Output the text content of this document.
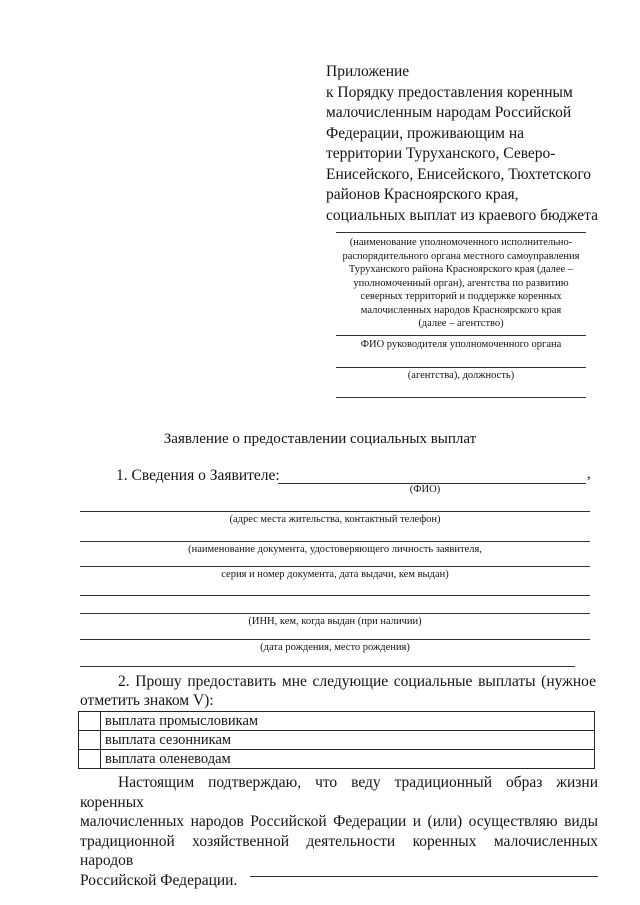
Приложение
к Порядку предоставления коренным
малочисленным народам Российской
Федерации, проживающим на
территории Туруханского, Северо-
Енисейского, Енисейского, Тюхтетского
районов Красноярского края,
социальных выплат из краевого бюджета
(наименование уполномоченного исполнительно-
распорядительного органа местного самоуправления
Туруханского района Красноярского края (далее –
уполномоченный орган), агентства по развитию
северных территорий и поддержке коренных
малочисленных народов Красноярского края
(далее – агентство)
ФИО руководителя уполномоченного органа
(агентства), должность)
Заявление о предоставлении социальных выплат
1. Сведения о Заявителе:	,
(ФИО)
(адрес места жительства, контактный телефон)
(наименование документа, удостоверяющего личность заявителя,
серия и номер документа, дата выдачи, кем выдан)
(ИНН, кем, когда выдан (при наличии)
(дата рождения, место рождения)
2. Прошу предоставить мне следующие социальные выплаты (нужное
отметить знаком V):
	выплата промысловикам
	выплата сезонникам
	выплата оленеводам
Настоящим подтверждаю, что веду традиционный образ жизни коренных
малочисленных народов Российской Федерации и (или) осуществляю виды
традиционной хозяйственной деятельности коренных малочисленных народов
Российской Федерации.
